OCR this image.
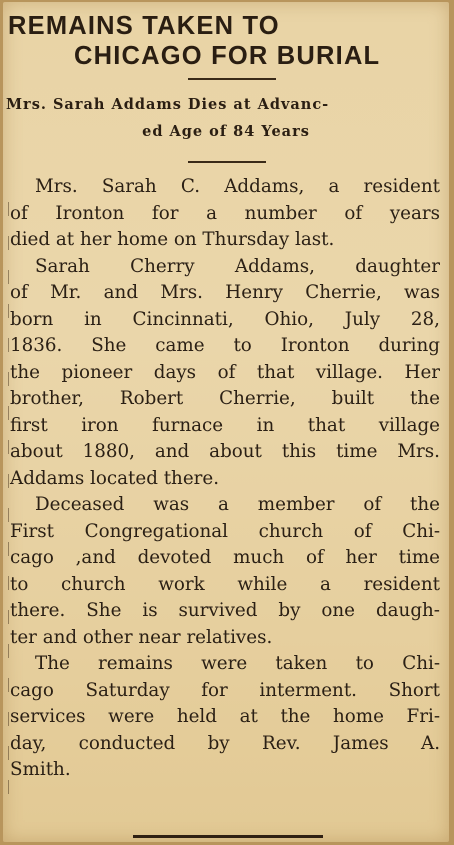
REMAINS TAKEN TO
CHICAGO FOR BURIAL
Mrs. Sarah Addams Dies at Advanc-
ed Age of 84 Years
Mrs. Sarah C. Addams, a resident
of Ironton for a number of years
died at her home on Thursday last.
Sarah Cherry Addams, daughter
of Mr. and Mrs. Henry Cherrie, was
born in Cincinnati, Ohio, July 28,
1836. She came to Ironton during
the pioneer days of that village. Her
brother, Robert Cherrie, built the
first iron furnace in that village
about 1880, and about this time Mrs.
Addams located there.
Deceased was a member of the
First Congregational church of Chi-
cago ,and devoted much of her time
to church work while a resident
there. She is survived by one daugh-
ter and other near relatives.
The remains were taken to Chi-
cago Saturday for interment. Short
services were held at the home Fri-
day, conducted by Rev. James A.
Smith.
